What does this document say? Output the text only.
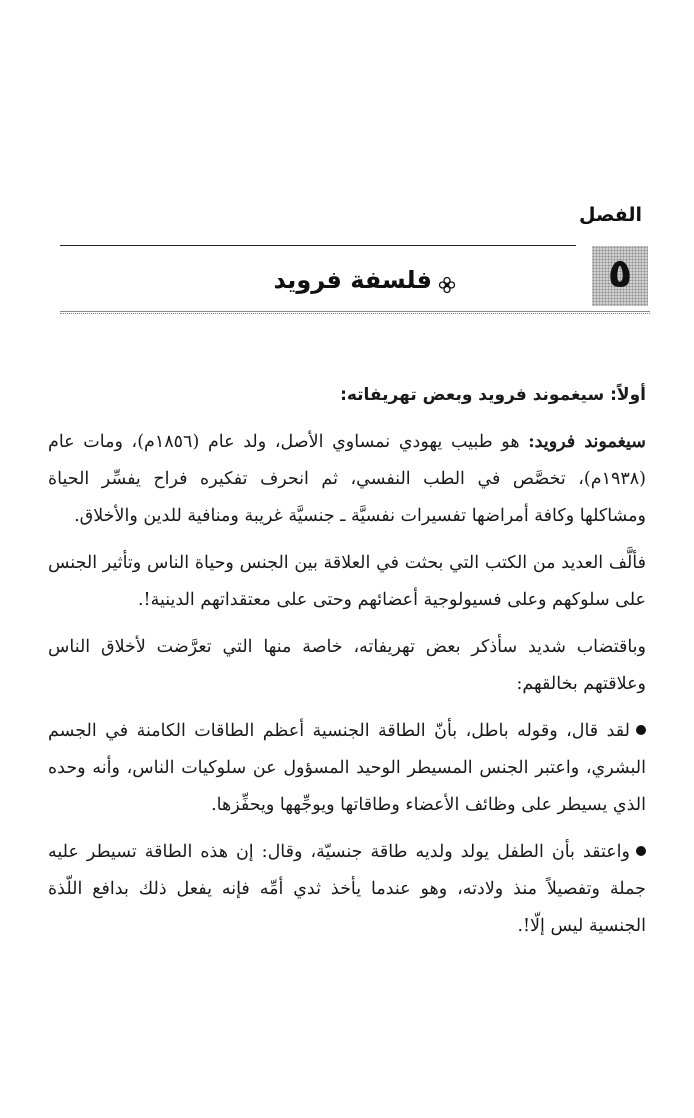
الفصل
٥
فلسفة فرويد
أولاً: سيغموند فرويد وبعض تهريفاته:

سيغموند فرويد: هو طبيب يهودي نمساوي الأصل، ولد عام (١٨٥٦م)، ومات عام (١٩٣٨م)، تخصَّص في الطب النفسي، ثم انحرف تفكيره فراح يفسِّر الحياة ومشاكلها وكافة أمراضها تفسيرات نفسيَّة ـ جنسيَّة غريبة ومنافية للدين والأخلاق.

فألَّف العديد من الكتب التي بحثت في العلاقة بين الجنس وحياة الناس وتأثير الجنس على سلوكهم وعلى فسيولوجية أعضائهم وحتى على معتقداتهم الدينية!.

وباقتضاب شديد سأذكر بعض تهريفاته، خاصة منها التي تعرَّضت لأخلاق الناس وعلاقتهم بخالقهم:

لقد قال، وقوله باطل، بأنّ الطاقة الجنسية أعظم الطاقات الكامنة في الجسم البشري، واعتبر الجنس المسيطر الوحيد المسؤول عن سلوكيات الناس، وأنه وحده الذي يسيطر على وظائف الأعضاء وطاقاتها ويوجِّهها ويحفِّزها.

واعتقد بأن الطفل يولد ولديه طاقة جنسيّة، وقال: إن هذه الطاقة تسيطر عليه جملة وتفصيلاً منذ ولادته، وهو عندما يأخذ ثدي أمِّه فإنه يفعل ذلك بدافع اللّذة الجنسية ليس إلّا!.
